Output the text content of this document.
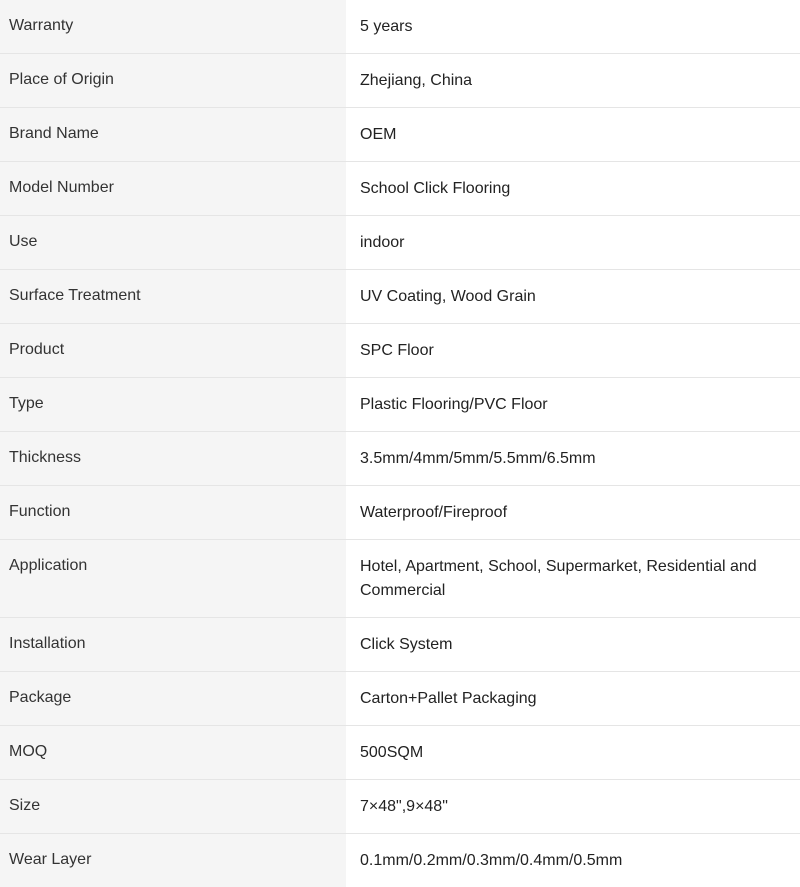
Warranty	5 years
Place of Origin	Zhejiang, China
Brand Name	OEM
Model Number	School Click Flooring
Use	indoor
Surface Treatment	UV Coating, Wood Grain
Product	SPC Floor
Type	Plastic Flooring/PVC Floor
Thickness	3.5mm/4mm/5mm/5.5mm/6.5mm
Function	Waterproof/Fireproof
Application	Hotel, Apartment, School, Supermarket, Residential and Commercial
Installation	Click System
Package	Carton+Pallet Packaging
MOQ	500SQM
Size	7×48",9×48"
Wear Layer	0.1mm/0.2mm/0.3mm/0.4mm/0.5mm
